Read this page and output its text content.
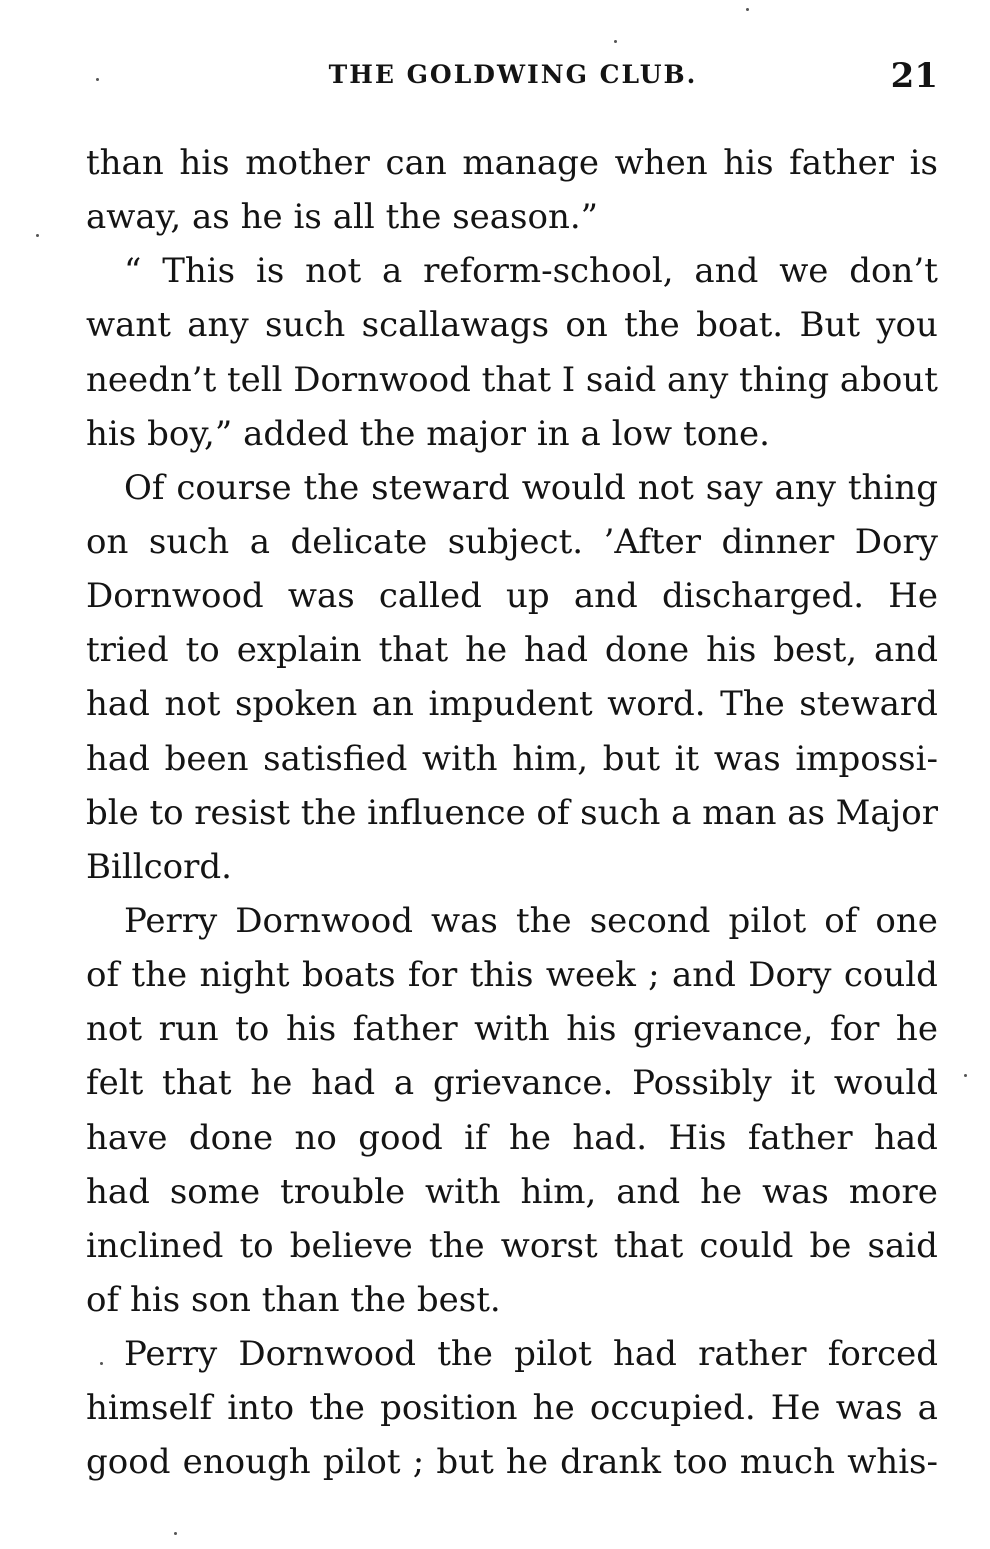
THE GOLDWING CLUB.	21
than his mother can manage when his father is
away, as he is all the season.”
“ This is not a reform-school, and we don’t
want any such scallawags on the boat. But you
needn’t tell Dornwood that I said any thing about
his boy,” added the major in a low tone.
Of course the steward would not say any thing
on such a delicate subject. ’After dinner Dory
Dornwood was called up and discharged. He
tried to explain that he had done his best, and
had not spoken an impudent word. The steward
had been satisfied with him, but it was impossi-
ble to resist the influence of such a man as Major
Billcord.
Perry Dornwood was the second pilot of one
of the night boats for this week ; and Dory could
not run to his father with his grievance, for he
felt that he had a grievance. Possibly it would
have done no good if he had. His father had
had some trouble with him, and he was more
inclined to believe the worst that could be said
of his son than the best.
Perry Dornwood the pilot had rather forced
himself into the position he occupied. He was a
good enough pilot ; but he drank too much whis-
